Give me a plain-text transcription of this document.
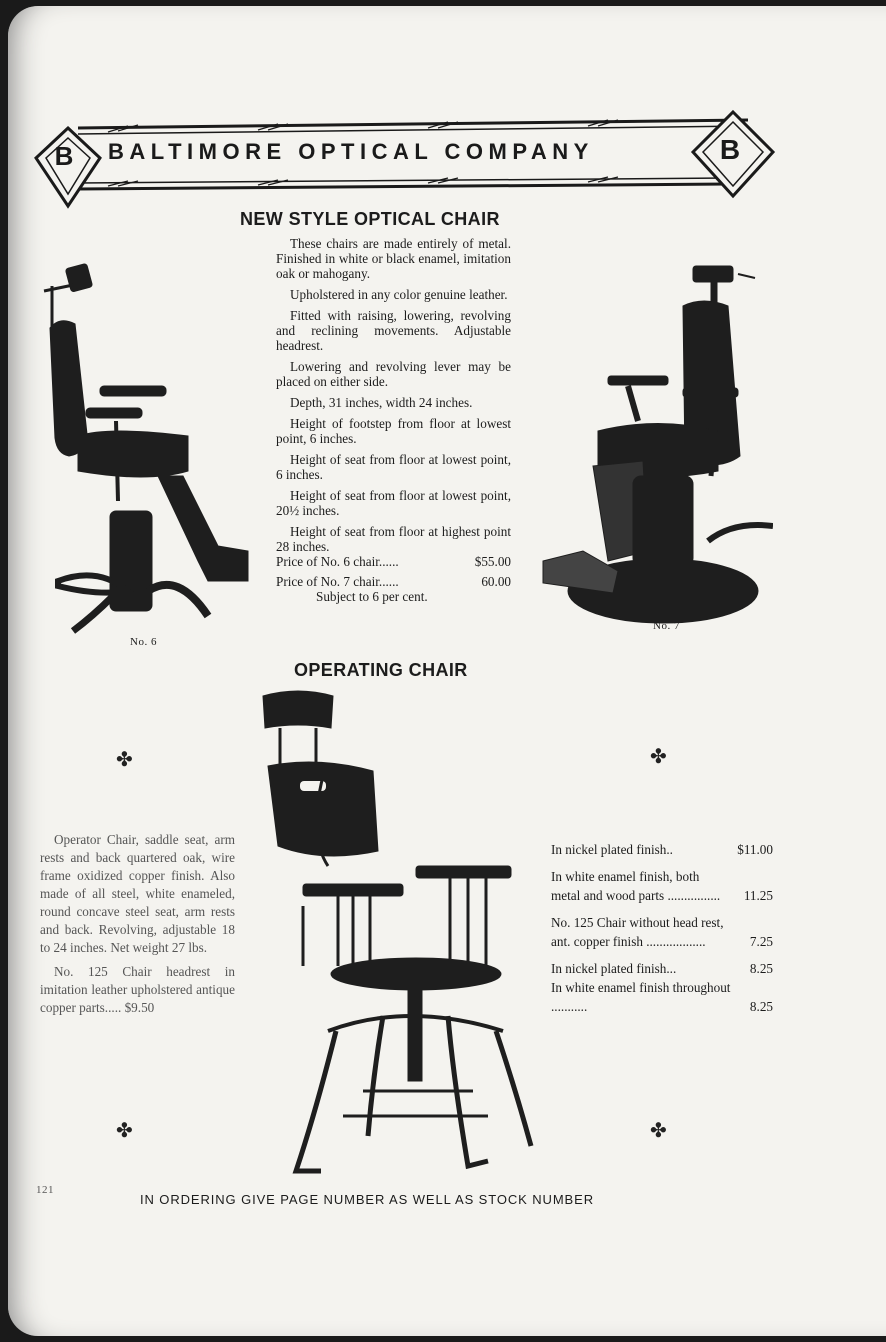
B	B
BALTIMORE OPTICAL COMPANY
NEW STYLE OPTICAL CHAIR

These chairs are made entirely of metal. Finished in white or black enamel, imitation oak or mahogany.

Upholstered in any color genuine leather.

Fitted with raising, lowering, revolving and reclining movements. Adjustable headrest.

Lowering and revolving lever may be placed on either side.

Depth, 31 inches, width 24 inches.

Height of footstep from floor at lowest point, 6 inches.

Height of seat from floor at lowest point, 6 inches.

Height of seat from floor at lowest point, 20½ inches.

Height of seat from floor at highest point 28 inches.

Price of No. 6 chair......	$55.00
Price of No. 7 chair......	60.00
Subject to 6 per cent.
No. 6
No. 7
OPERATING CHAIR
✤	✤
✤	✤

Operator Chair, saddle seat, arm rests and back quartered oak, wire frame oxidized copper finish. Also made of all steel, white enameled, round concave steel seat, arm rests and back. Revolving, adjustable 18 to 24 inches. Net weight 27 lbs.

No. 125 Chair headrest in imitation leather upholstered antique copper parts..... $9.50

In nickel plated finish..	$11.00
In white enamel finish, both metal and wood parts ................	11.25
No. 125 Chair without head rest, ant. copper finish ..................	7.25
In nickel plated finish...	8.25
In white enamel finish throughout ...........	8.25
121
IN ORDERING GIVE PAGE NUMBER AS WELL AS STOCK NUMBER
